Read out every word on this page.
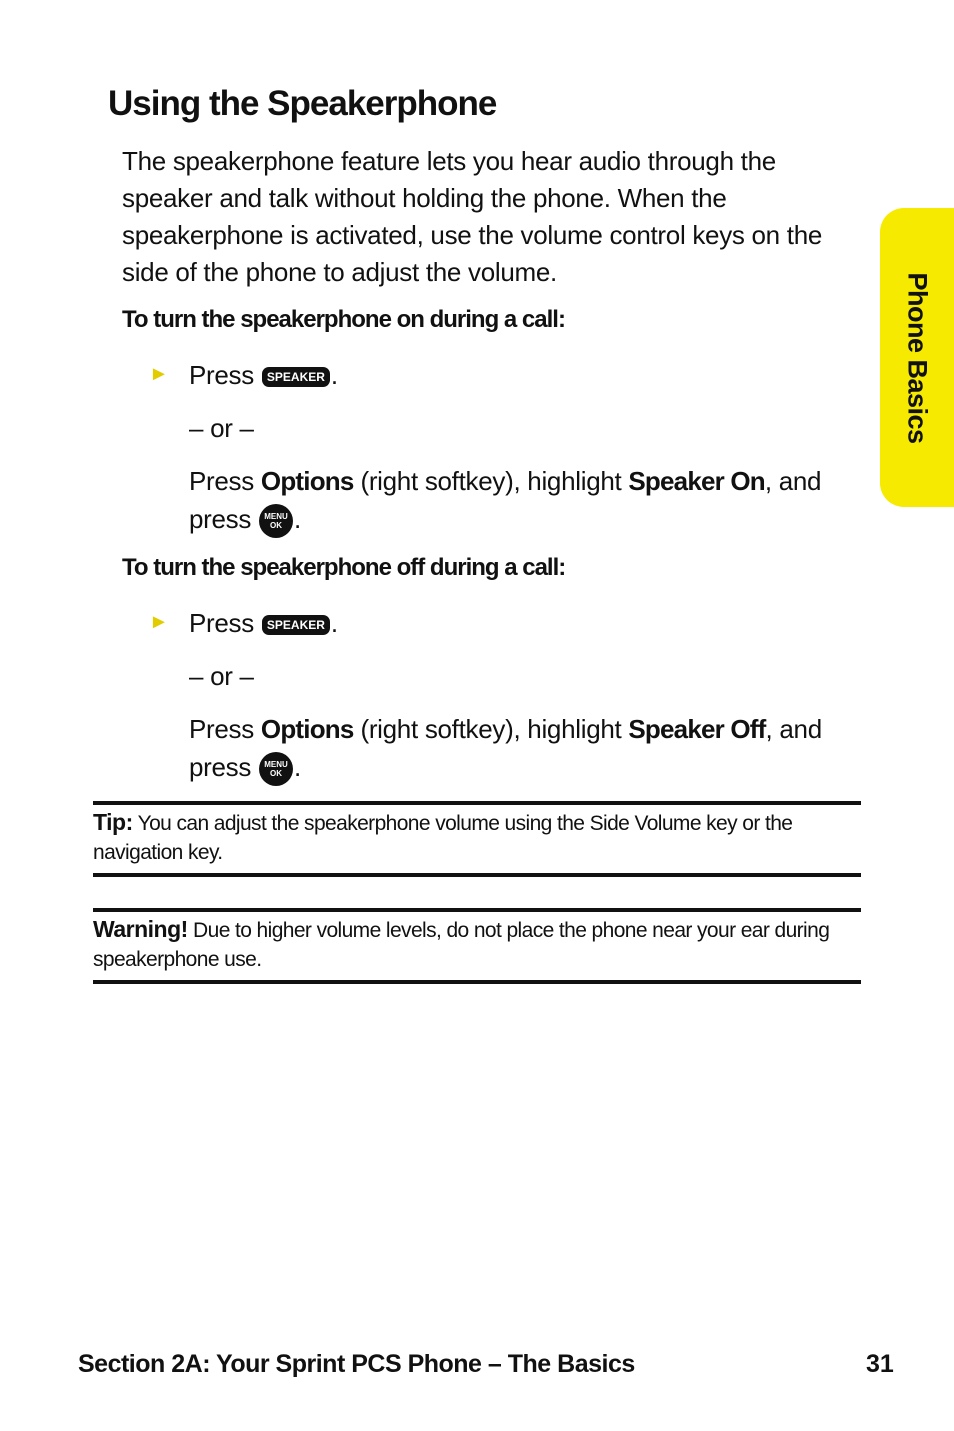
Using the Speakerphone

The speakerphone feature lets you hear audio through the speaker and talk without holding the phone. When the speakerphone is activated, use the volume control keys on the side of the phone to adjust the volume.

To turn the speakerphone on during a call:
► Press SPEAKER .
– or –
Press Options (right softkey), highlight Speaker On, and
press MENU
OK .
To turn the speakerphone off during a call:
► Press SPEAKER .
– or –
Press Options (right softkey), highlight Speaker Off, and
press MENU
OK .
Tip: You can adjust the speakerphone volume using the Side Volume key or the navigation key.
Warning! Due to higher volume levels, do not place the phone near your ear during speakerphone use.
Phone Basics
Section 2A: Your Sprint PCS Phone – The Basics	31
